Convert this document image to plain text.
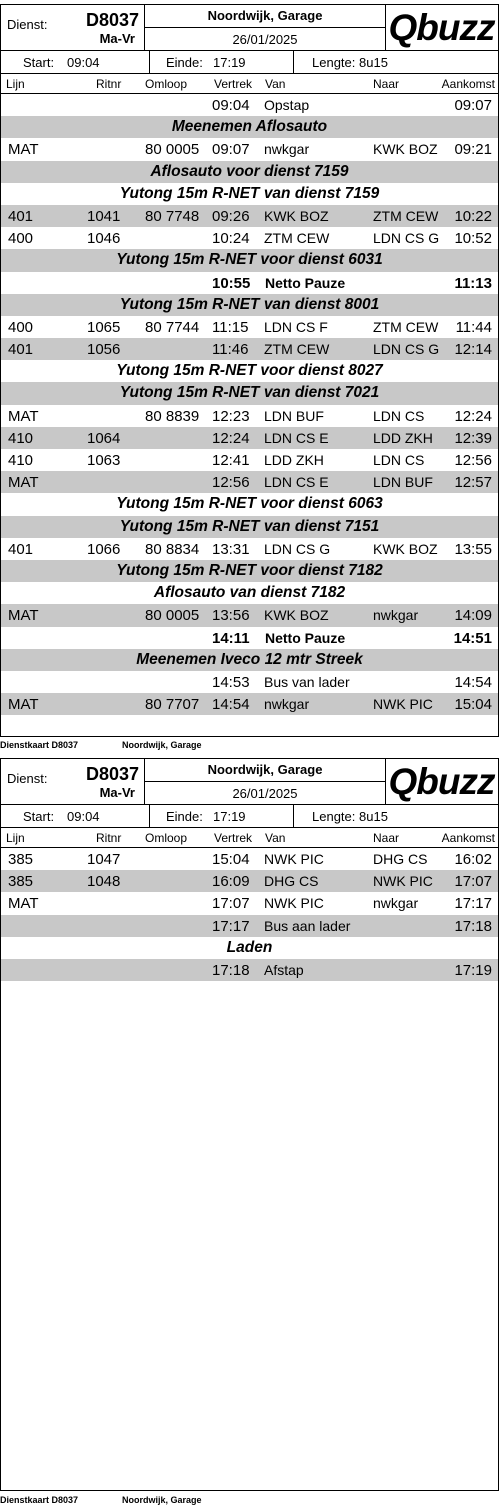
Dienst:	D8037
Ma-Vr
Noordwijk, Garage
26/01/2025	Qbuzz
Start: 09:04	Einde: 17:19	Lengte: 8u15
Lijn	Ritnr Omloop Vertrek Van	Naar	Aankomst
09:04 Opstap	09:07
Meenemen Aflosauto
MAT	80 0005 09:07 nwkgar	KWK BOZ 09:21
Aflosauto voor dienst 7159
Yutong 15m R-NET van dienst 7159
401	1041 80 7748 09:26 KWK BOZ	ZTM CEW 10:22
400	1046	10:24 ZTM CEW	LDN CS G 10:52
Yutong 15m R-NET voor dienst 6031
10:55 Netto Pauze	11:13
Yutong 15m R-NET van dienst 8001
400	1065 80 7744 11:15 LDN CS F	ZTM CEW 11:44
401	1056	11:46 ZTM CEW	LDN CS G 12:14
Yutong 15m R-NET voor dienst 8027
Yutong 15m R-NET van dienst 7021
MAT	80 8839 12:23 LDN BUF	LDN CS 12:24
410	1064	12:24 LDN CS E	LDD ZKH 12:39
410	1063	12:41 LDD ZKH	LDN CS 12:56
MAT	12:56 LDN CS E	LDN BUF 12:57
Yutong 15m R-NET voor dienst 6063
Yutong 15m R-NET van dienst 7151
401	1066 80 8834 13:31 LDN CS G	KWK BOZ 13:55
Yutong 15m R-NET voor dienst 7182
Aflosauto van dienst 7182
MAT	80 0005 13:56 KWK BOZ	nwkgar 14:09
14:11 Netto Pauze	14:51
Meenemen Iveco 12 mtr Streek
14:53 Bus van lader	14:54
MAT	80 7707 14:54 nwkgar	NWK PIC 15:04
Dienstkaart D8037	Noordwijk, Garage
Dienst:	D8037
Ma-Vr
Noordwijk, Garage
26/01/2025	Qbuzz
Start: 09:04	Einde: 17:19	Lengte: 8u15
Lijn	Ritnr Omloop Vertrek Van	Naar	Aankomst
385	1047	15:04 NWK PIC	DHG CS 16:02
385	1048	16:09 DHG CS	NWK PIC 17:07
MAT	17:07 NWK PIC	nwkgar 17:17
17:17 Bus aan lader	17:18
Laden
17:18 Afstap	17:19
Dienstkaart D8037	Noordwijk, Garage
